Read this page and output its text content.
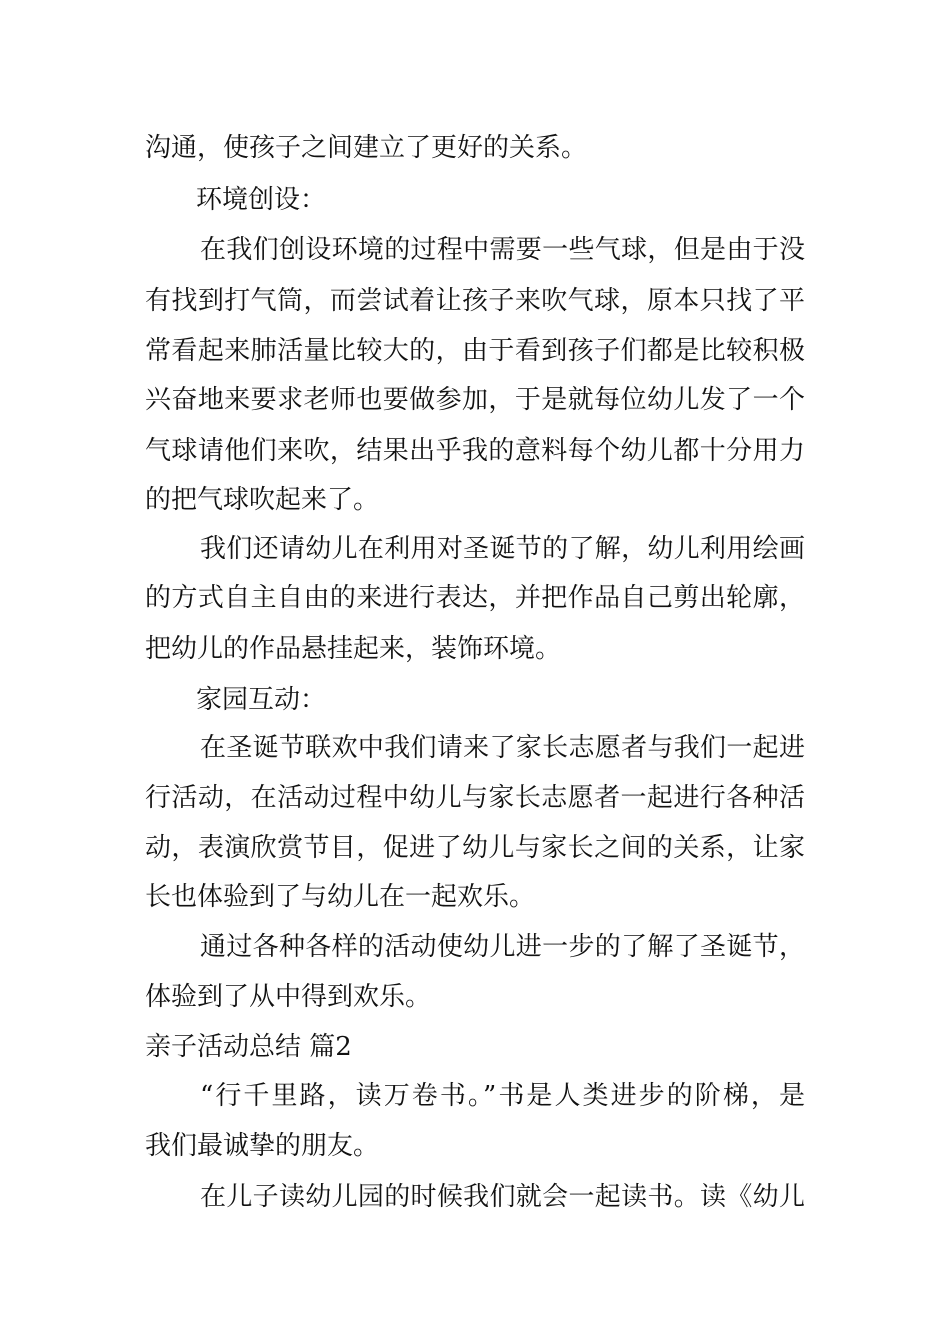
沟通，使孩子之间建立了更好的关系。
环境创设：
在我们创设环境的过程中需要一些气球，但是由于没
有找到打气筒，而尝试着让孩子来吹气球，原本只找了平
常看起来肺活量比较大的，由于看到孩子们都是比较积极
兴奋地来要求老师也要做参加，于是就每位幼儿发了一个
气球请他们来吹，结果出乎我的意料每个幼儿都十分用力
的把气球吹起来了。
我们还请幼儿在利用对圣诞节的了解，幼儿利用绘画
的方式自主自由的来进行表达，并把作品自己剪出轮廓，
把幼儿的作品悬挂起来，装饰环境。
家园互动：
在圣诞节联欢中我们请来了家长志愿者与我们一起进
行活动，在活动过程中幼儿与家长志愿者一起进行各种活
动，表演欣赏节目，促进了幼儿与家长之间的关系，让家
长也体验到了与幼儿在一起欢乐。
通过各种各样的活动使幼儿进一步的了解了圣诞节，
体验到了从中得到欢乐。
亲子活动总结 篇2
“行千里路，读万卷书。”书是人类进步的阶梯，是
我们最诚挚的朋友。
在儿子读幼儿园的时候我们就会一起读书。读《幼儿
